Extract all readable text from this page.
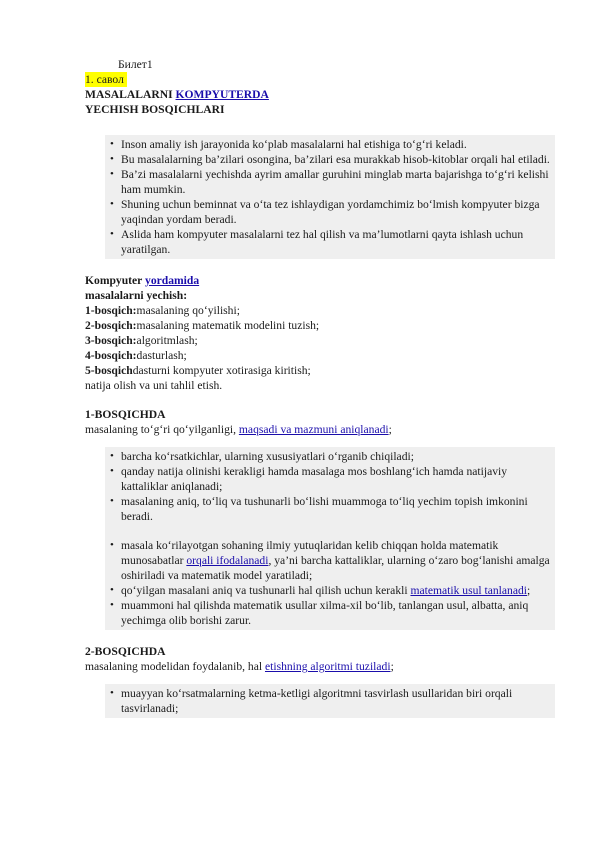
Билет1
1. савол
MASALALARNI KOMPYUTERDA
YECHISH BOSQICHLARI
• Inson amaliy ish jarayonida ko‘plab masalalarni hal etishiga to‘g‘ri keladi.
• Bu masalalarning ba’zilari osongina, ba’zilari esa murakkab hisob-kitoblar orqali hal etiladi.
• Ba’zi masalalarni yechishda ayrim amallar guruhini minglab marta bajarishga to‘g‘ri kelishi ham mumkin.
• Shuning uchun beminnat va o‘ta tez ishlaydigan yordamchimiz bo‘lmish kompyuter bizga yaqindan yordam beradi.
• Aslida ham kompyuter masalalarni tez hal qilish va ma’lumotlarni qayta ishlash uchun yaratilgan.
Kompyuter yordamida
masalalarni yechish:
1-bosqich:masalaning qo‘yilishi;
2-bosqich:masalaning matematik modelini tuzish;
3-bosqich:algoritmlash;
4-bosqich:dasturlash;
5-bosqichdasturni kompyuter xotirasiga kiritish;
natija olish va uni tahlil etish.
1-BOSQICHDA
masalaning to‘g‘ri qo‘yilganligi, maqsadi va mazmuni aniqlanadi;
• barcha ko‘rsatkichlar, ularning xususiyatlari o‘rganib chiqiladi;
• qanday natija olinishi kerakligi hamda masalaga mos boshlang‘ich hamda natijaviy kattaliklar aniqlanadi;
• masalaning aniq, to‘liq va tushunarli bo‘lishi muammoga to‘liq yechim topish imkonini beradi.
• masala ko‘rilayotgan sohaning ilmiy yutuqlaridan kelib chiqqan holda matematik munosabatlar orqali ifodalanadi, ya’ni barcha kattaliklar, ularning o‘zaro bog‘lanishi amalga oshiriladi va matematik model yaratiladi;
• qo‘yilgan masalani aniq va tushunarli hal qilish uchun kerakli matematik usul tanlanadi;
• muammoni hal qilishda matematik usullar xilma-xil bo‘lib, tanlangan usul, albatta, aniq yechimga olib borishi zarur.
2-BOSQICHDA
masalaning modelidan foydalanib, hal etishning algoritmi tuziladi;
• muayyan ko‘rsatmalarning ketma-ketligi algoritmni tasvirlash usullaridan biri orqali tasvirlanadi;
